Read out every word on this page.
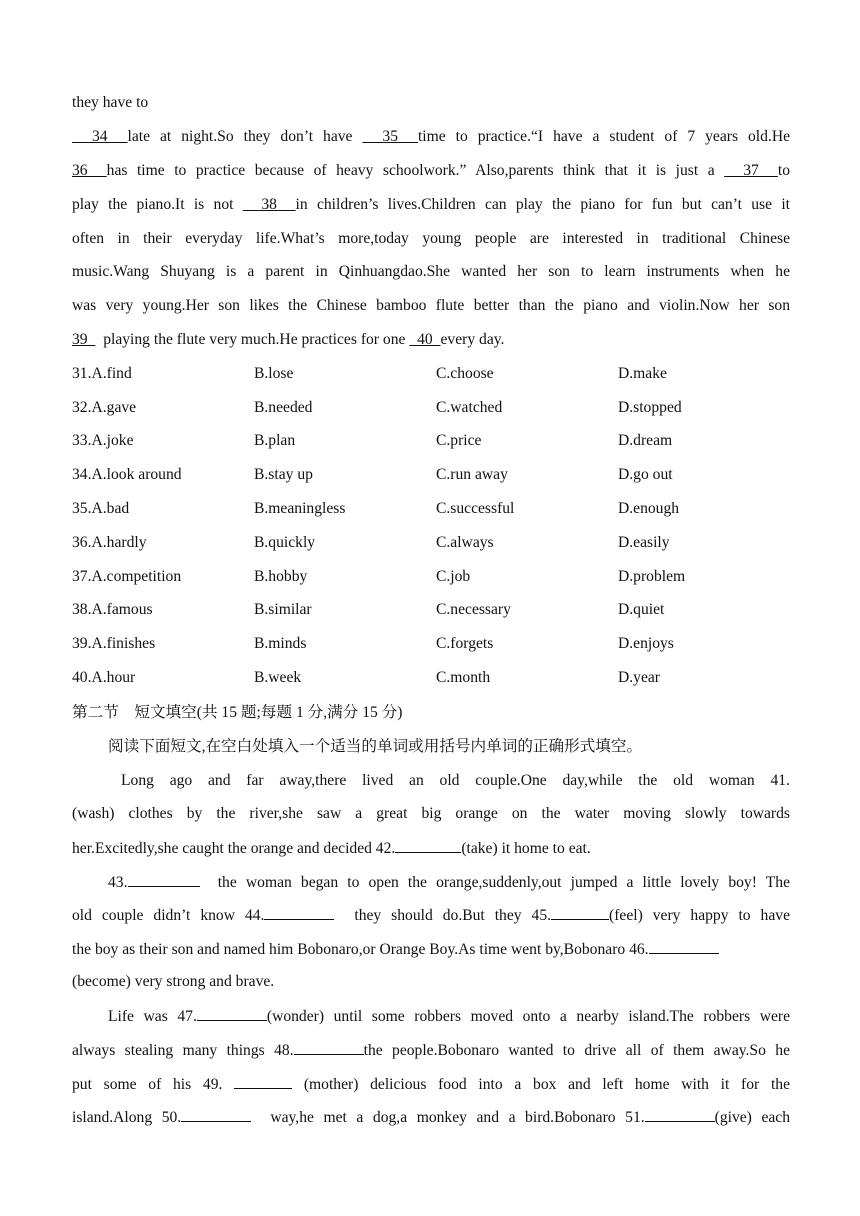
they have to
34  late at night.So they don’t have   35  time to practice.“I have a student of 7 years old.He
36  has time to practice because of heavy schoolwork.” Also,parents think that it is just a   37  to
play the piano.It is not   38  in children’s lives.Children can play the piano for fun but can’t use it
often in their everyday life.What’s more,today young people are interested in traditional Chinese
music.Wang Shuyang is a parent in Qinhuangdao.She wanted her son to learn instruments when he
was very young.Her son likes the Chinese bamboo flute better than the piano and violin.Now her son
39    playing the flute very much.He practices for one   40  every day.
31.A.find	B.lose	C.choose	D.make
32.A.gave	B.needed	C.watched	D.stopped
33.A.joke	B.plan	C.price	D.dream
34.A.look around	B.stay up	C.run away	D.go out
35.A.bad	B.meaningless	C.successful	D.enough
36.A.hardly	B.quickly	C.always	D.easily
37.A.competition	B.hobby	C.job	D.problem
38.A.famous	B.similar	C.necessary	D.quiet
39.A.finishes	B.minds	C.forgets	D.enjoys
40.A.hour	B.week	C.month	D.year
第二节　短文填空(共 15 题;每题 1 分,满分 15 分)
阅读下面短文,在空白处填入一个适当的单词或用括号内单词的正确形式填空。
Long ago and far away,there lived an old couple.One day,while the old woman 41.
(wash) clothes by the river,she saw a great big orange on the water moving slowly towards
her.Excitedly,she caught the orange and decided 42.	(take) it home to eat.
43.	the woman began to open the orange,suddenly,out jumped a little lovely boy! The
old couple didn’t know 44.	they should do.But they 45.	(feel) very happy to have
the boy as their son and named him Bobonaro,or Orange Boy.As time went by,Bobonaro 46.
(become) very strong and brave.
Life was 47.	(wonder) until some robbers moved onto a nearby island.The robbers were
always stealing many things 48.	the people.Bobonaro wanted to drive all of them away.So he
put some of his 49.	(mother) delicious food into a box and left home with it for the
island.Along 50.	way,he met a dog,a monkey and a bird.Bobonaro 51.	(give) each
